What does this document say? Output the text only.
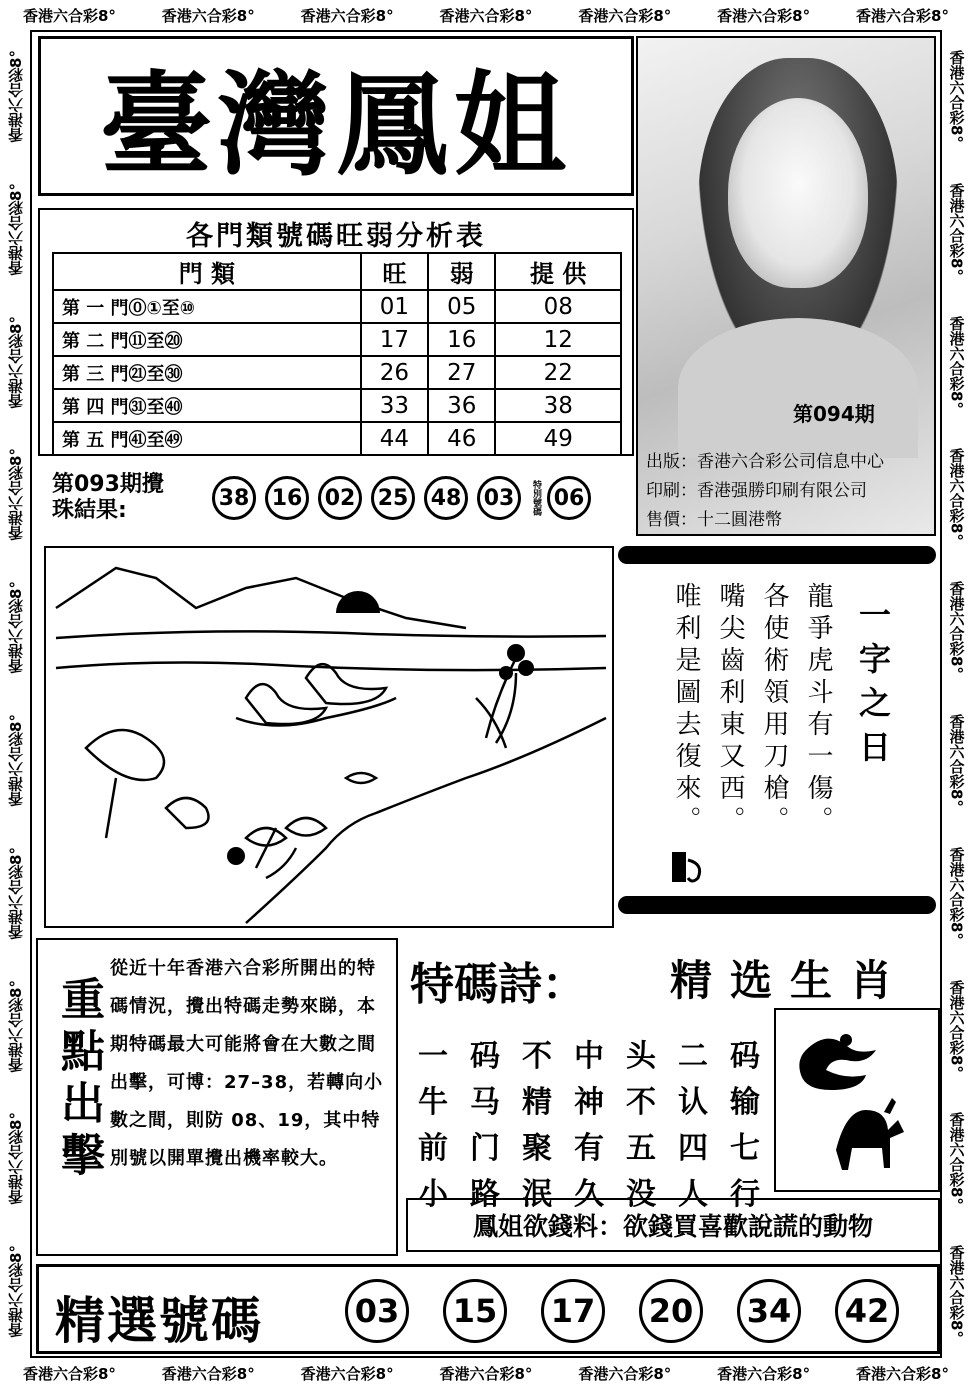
香港六合彩8°	香港六合彩8°	香港六合彩8°	香港六合彩8°	香港六合彩8°	香港六合彩8°	香港六合彩8°
香港六合彩8°	香港六合彩8°	香港六合彩8°	香港六合彩8°	香港六合彩8°	香港六合彩8°	香港六合彩8°
香港六合彩8°
香港六合彩8°
香港六合彩8°
香港六合彩8°
香港六合彩8°
香港六合彩8°
香港六合彩8°
香港六合彩8°
香港六合彩8°
香港六合彩8°
香港六合彩8°
香港六合彩8°
香港六合彩8°
香港六合彩8°
香港六合彩8°
香港六合彩8°
香港六合彩8°
香港六合彩8°
香港六合彩8°
香港六合彩8°
臺灣鳳姐
第094期
出版：香港六合彩公司信息中心
印刷：香港强勝印刷有限公司
售價：十二圓港幣
各門類號碼旺弱分析表
門 類	旺	弱	提 供
第 一 門⓪①至⑩	01	05	08
第 二 門⑪至⑳	17	16	12
第 三 門㉑至㉚	26	27	22
第 四 門㉛至㊵	33	36	38
第 五 門㊶至㊾	44	46	49
第093期攪
珠結果:	38	16	02	25	48	03	特別號碼 06
龍爭虎斗有一傷。
各使術領用刀槍。
嘴尖齒利東又西。
唯利是圖去復來。
一字之日
重點出擊
從近十年香港六合彩所開出的特碼情況，攪出特碼走勢來睇，本期特碼最大可能將會在大數之間出擊，可博：27–38，若轉向小數之間，則防 08、19，其中特別號以開單攪出機率較大。
特碼詩： 精选生肖
一 码 不 中 头 二 码
牛 马 精 神 不 认 输
前 门 聚 有 五 四 七
小 路 泯 久 没 人 行
鳳姐欲錢料：欲錢買喜歡說謊的動物
精選號碼	03	15	17	20	34	42
